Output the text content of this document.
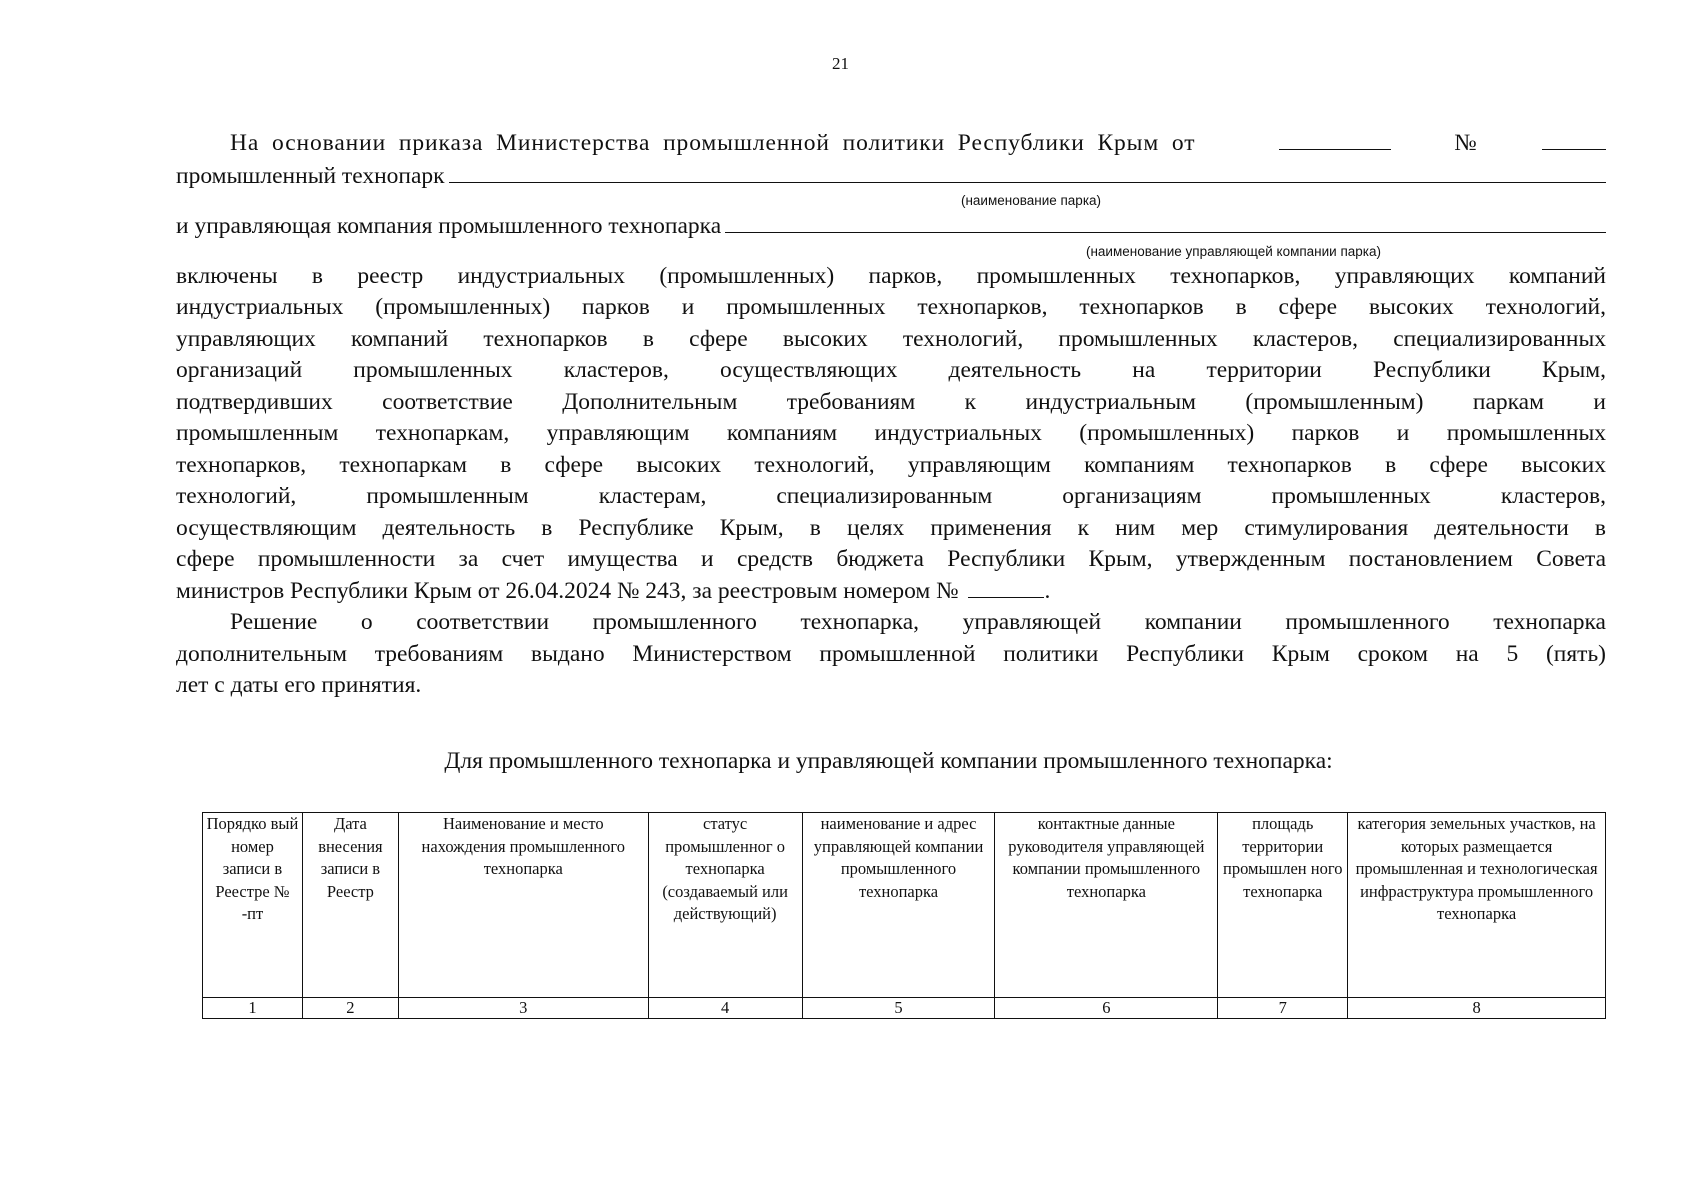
21
На основании приказа Министерства промышленной политики Республики Крым от	№
промышленный технопарк
(наименование парка)
и управляющая компания промышленного технопарка
(наименование управляющей компании парка)
включены в реестр индустриальных (промышленных) парков, промышленных технопарков, управляющих компаний
индустриальных (промышленных) парков и промышленных технопарков, технопарков в сфере высоких технологий,
управляющих компаний технопарков в сфере высоких технологий, промышленных кластеров, специализированных
организаций промышленных кластеров, осуществляющих деятельность на территории Республики Крым,
подтвердивших соответствие Дополнительным требованиям к индустриальным (промышленным) паркам и
промышленным технопаркам, управляющим компаниям индустриальных (промышленных) парков и промышленных
технопарков, технопаркам в сфере высоких технологий, управляющим компаниям технопарков в сфере высоких
технологий, промышленным кластерам, специализированным организациям промышленных кластеров,
осуществляющим деятельность в Республике Крым, в целях применения к ним мер стимулирования деятельности в
сфере промышленности за счет имущества и средств бюджета Республики Крым, утвержденным постановлением Совета
министров Республики Крым от 26.04.2024 № 243, за реестровым номером №	.
Решение о соответствии промышленного технопарка, управляющей компании промышленного технопарка
дополнительным требованиям выдано Министерством промышленной политики Республики Крым сроком на 5 (пять)
лет с даты его принятия.
Для промышленного технопарка и управляющей компании промышленного технопарка:
Порядко вый номер записи в Реестре № -пт	Дата внесения записи в Реестр	Наименование и место нахождения промышленного технопарка	статус промышленног о технопарка (создаваемый или действующий)	наименование и адрес управляющей компании промышленного технопарка	контактные данные руководителя управляющей компании промышленного технопарка	площадь территории промышлен ного технопарка	категория земельных участков, на которых размещается промышленная и технологическая инфраструктура промышленного технопарка
1	2	3	4	5	6	7	8
